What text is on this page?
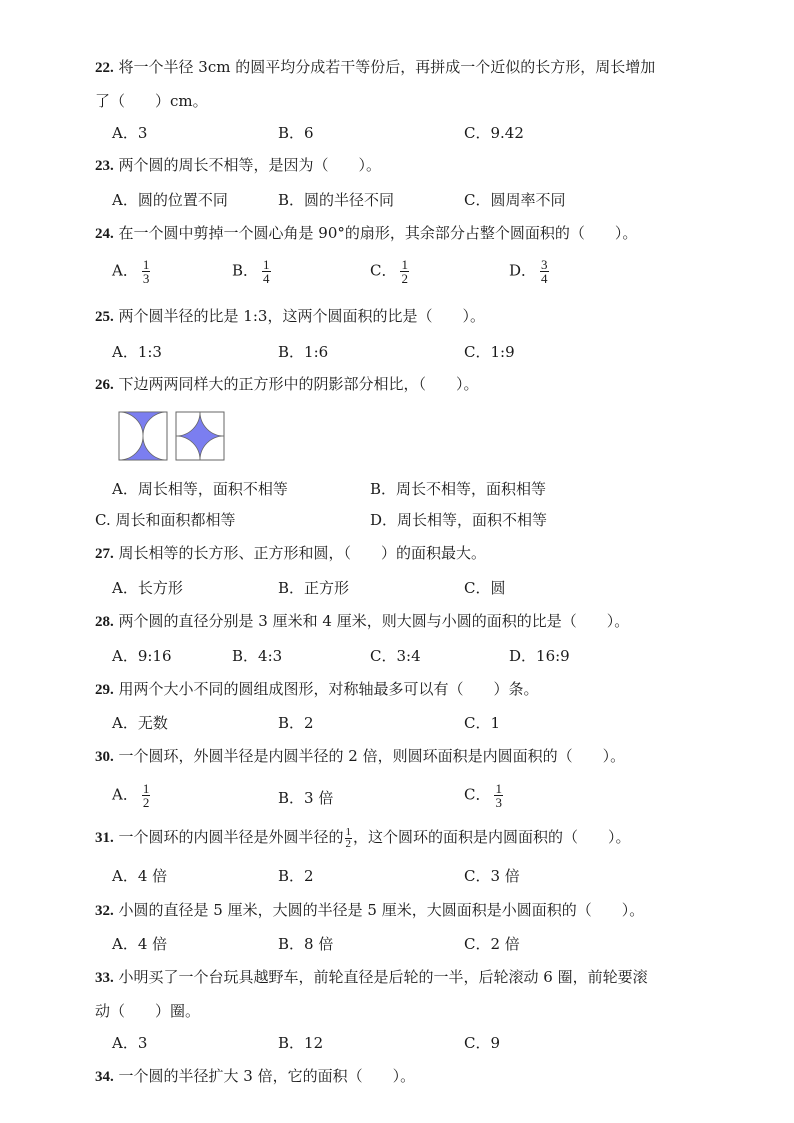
22. 将一个半径 3cm 的圆平均分成若干等份后，再拼成一个近似的长方形，周长增加
了（　　）cm。
A．3	B．6	C．9.42
23. 两个圆的周长不相等，是因为（　　）。
A．圆的位置不同	B．圆的半径不同	C．圆周率不同
24. 在一个圆中剪掉一个圆心角是 90°的扇形，其余部分占整个圆面积的（　　）。
A． $\frac{1}{3}$	B． $\frac{1}{4}$	C． $\frac{1}{2}$	D． $\frac{3}{4}$
25. 两个圆半径的比是 1:3，这两个圆面积的比是（　　）。
A．1:3	B．1:6	C．1:9
26. 下边两两同样大的正方形中的阴影部分相比，（　　）。
A．周长相等，面积不相等	B．周长不相等，面积相等
C. 周长和面积都相等	D．周长相等，面积不相等
27. 周长相等的长方形、正方形和圆，（　　）的面积最大。
A．长方形	B．正方形	C．圆
28. 两个圆的直径分别是 3 厘米和 4 厘米，则大圆与小圆的面积的比是（　　）。
A．9:16	B．4:3	C．3:4	D．16:9
29. 用两个大小不同的圆组成图形，对称轴最多可以有（　　）条。
A．无数	B．2	C．1
30. 一个圆环，外圆半径是内圆半径的 2 倍，则圆环面积是内圆面积的（　　）。
A． $\frac{1}{2}$	B．3 倍	C． $\frac{1}{3}$
31. 一个圆环的内圆半径是外圆半径的 $\frac{1}{2}$ ，这个圆环的面积是内圆面积的（　　）。
A．4 倍	B．2	C．3 倍
32. 小圆的直径是 5 厘米，大圆的半径是 5 厘米，大圆面积是小圆面积的（　　）。
A．4 倍	B．8 倍	C．2 倍
33. 小明买了一个台玩具越野车，前轮直径是后轮的一半，后轮滚动 6 圈，前轮要滚
动（　　）圈。
A．3	B．12	C．9
34. 一个圆的半径扩大 3 倍，它的面积（　　）。
